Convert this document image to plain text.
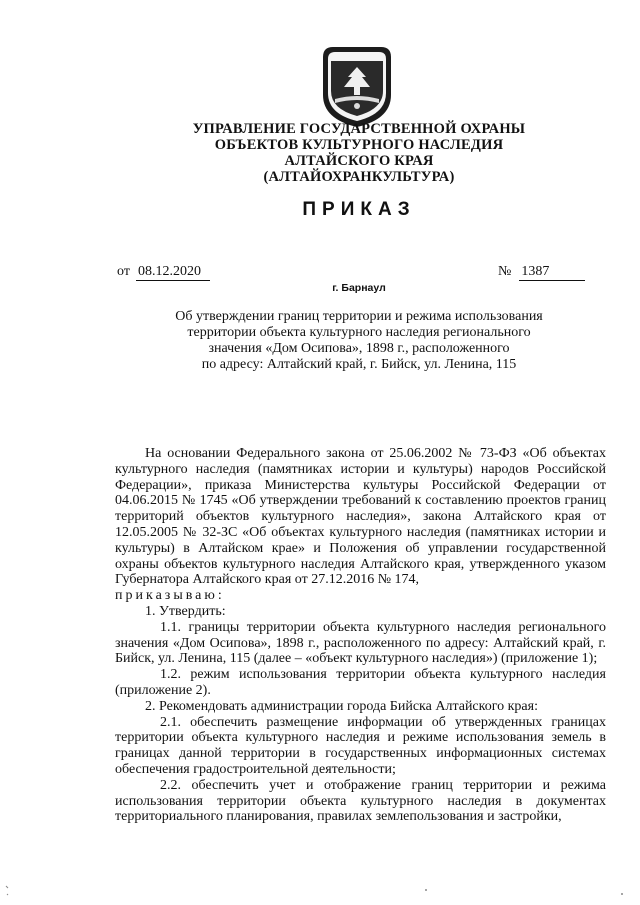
УПРАВЛЕНИЕ ГОСУДАРСТВЕННОЙ ОХРАНЫ
ОБЪЕКТОВ КУЛЬТУРНОГО НАСЛЕДИЯ
АЛТАЙСКОГО КРАЯ
(АЛТАЙОХРАНКУЛЬТУРА)
ПРИКАЗ
от 08.12.2020	№ 1387
г. Барнаул
Об утверждении границ территории и режима использования
территории объекта культурного наследия регионального
значения «Дом Осипова», 1898 г., расположенного
по адресу: Алтайский край, г. Бийск, ул. Ленина, 115

На основании Федерального закона от 25.06.2002 № 73-ФЗ «Об объектах культурного наследия (памятниках истории и культуры) народов Российской Федерации», приказа Министерства культуры Российской Федерации от 04.06.2015 № 1745 «Об утверждении требований к составлению проектов границ территорий объектов культурного наследия», закона Алтайского края от 12.05.2005 № 32-ЗС «Об объектах культурного наследия (памятниках истории и культуры) в Алтайском крае» и Положения об управлении государственной охраны объектов культурного наследия Алтайского края, утвержденного указом Губернатора Алтайского края от 27.12.2016 № 174,

приказываю:

1. Утвердить:

1.1. границы территории объекта культурного наследия регионального значения «Дом Осипова», 1898 г., расположенного по адресу: Алтайский край, г. Бийск, ул. Ленина, 115 (далее – «объект культурного наследия») (приложение 1);

1.2. режим использования территории объекта культурного наследия (приложение 2).

2. Рекомендовать администрации города Бийска Алтайского края:

2.1. обеспечить размещение информации об утвержденных границах территории объекта культурного наследия и режиме использования земель в границах данной территории в государственных информационных системах обеспечения градостроительной деятельности;

2.2. обеспечить учет и отображение границ территории и режима использования территории объекта культурного наследия в документах территориального планирования, правилах землепользования и застройки,
